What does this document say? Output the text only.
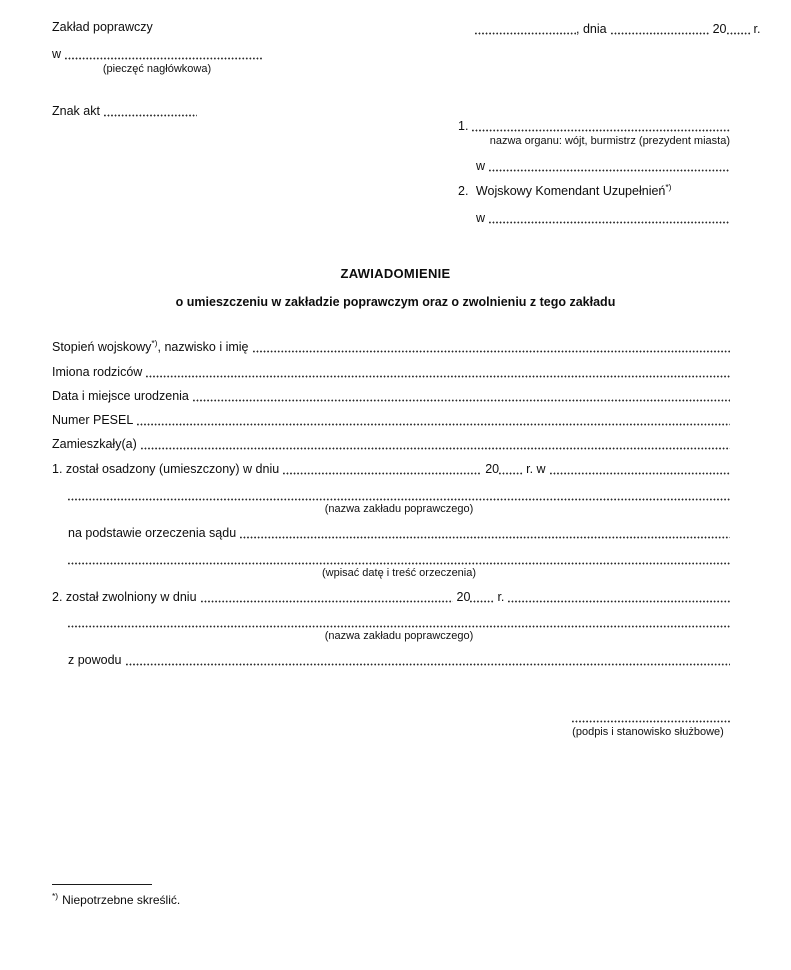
Zakład poprawczy
w
(pieczęć nagłówkowa)
Znak akt
, dnia	20 r.
1.
nazwa organu: wójt, burmistrz (prezydent miasta)
w
2. Wojskowy Komendant Uzupełnień*)
w
ZAWIADOMIENIE
o umieszczeniu w zakładzie poprawczym oraz o zwolnieniu z tego zakładu
Stopień wojskowy*), nazwisko i imię
Imiona rodziców
Data i miejsce urodzenia
Numer PESEL
Zamieszkały(a)
1. został osadzony (umieszczony) w dniu	20 r. w
(nazwa zakładu poprawczego)
na podstawie orzeczenia sądu
(wpisać datę i treść orzeczenia)
2. został zwolniony w dniu	20 r.
(nazwa zakładu poprawczego)
z powodu
(podpis i stanowisko służbowe)
*) Niepotrzebne skreślić.
